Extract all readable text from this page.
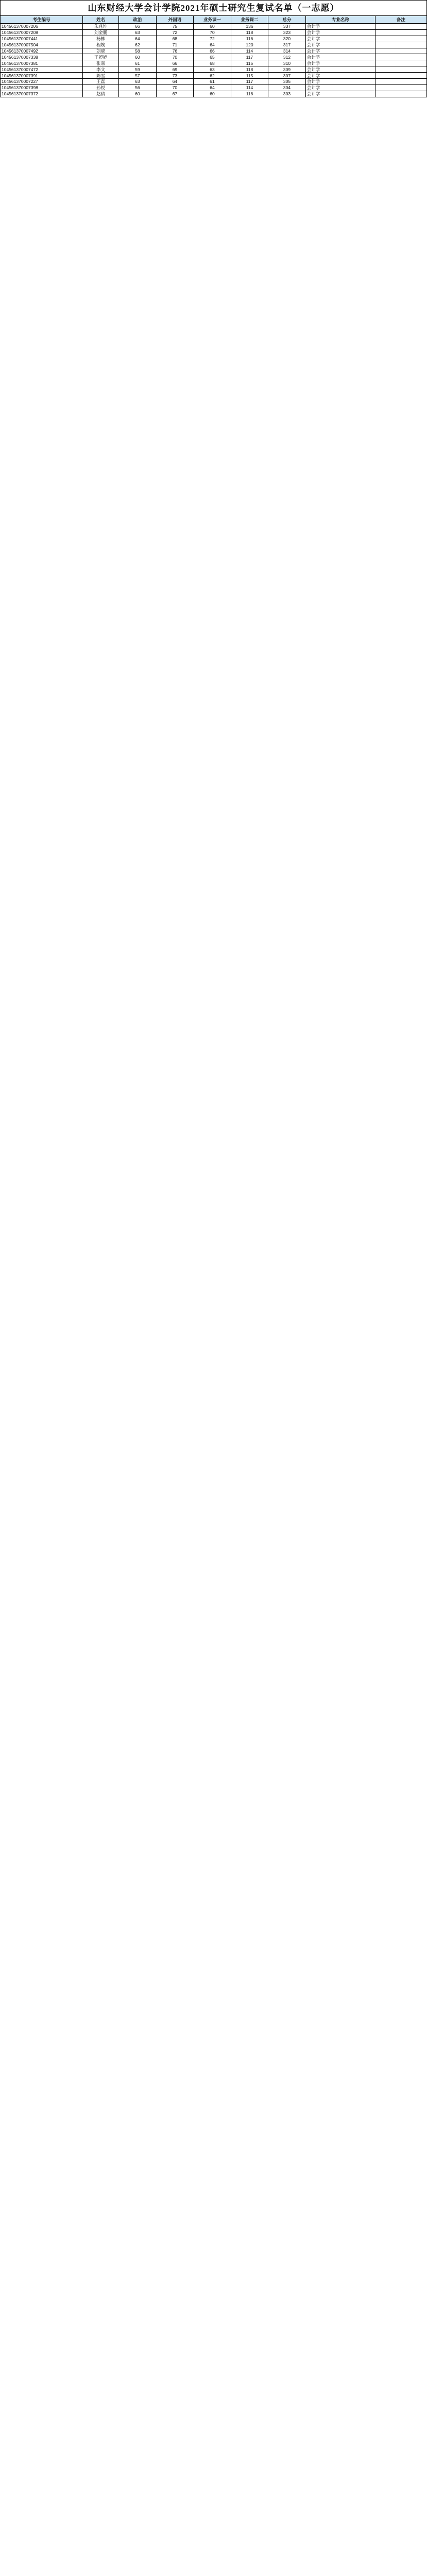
山东财经大学会计学院2021年硕士研究生复试名单（一志愿）
考生编号	姓名	政治	外国语	业务课一	业务课二	总分	专业名称	备注
104561370007206	朱兆坤	66	75	60	136	337	会计学	
104561370007208	刘金鹏	63	72	70	118	323	会计学	
104561370007441	杨柳	64	68	72	116	320	会计学	
104561370007504	程婉	62	71	64	120	317	会计学	
104561370007492	刘晓	58	76	66	114	314	会计学	
104561370007338	王婷婷	60	70	65	117	312	会计学	
104561370007381	张嘉	61	66	68	115	310	会计学	
104561370007472	李文	59	69	63	118	309	会计学	
104561370007391	陈雪	57	73	62	115	307	会计学	
104561370007227	王磊	63	64	61	117	305	会计学	
104561370007398	孙悦	56	70	64	114	304	会计学	
104561370007372	赵倩	60	67	60	116	303	会计学	
